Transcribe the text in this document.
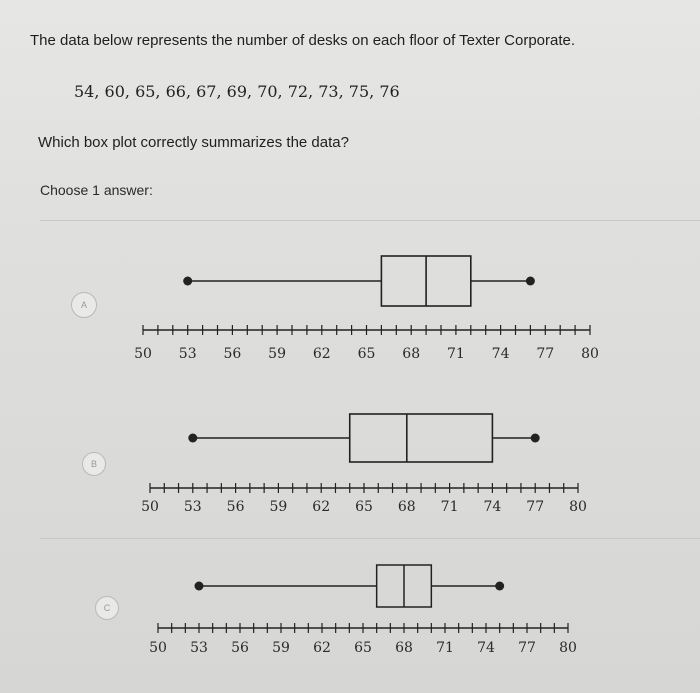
The data below represents the number of desks on each floor of Texter Corporate.
54, 60, 65, 66, 67, 69, 70, 72, 73, 75, 76
Which box plot correctly summarizes the data?
Choose 1 answer:
A
B
C
50 53 56 59 62 65 68 71 74 77 80
50 53 56 59 62 65 68 71 74 77 80
50 53 56 59 62 65 68 71 74 77 80
